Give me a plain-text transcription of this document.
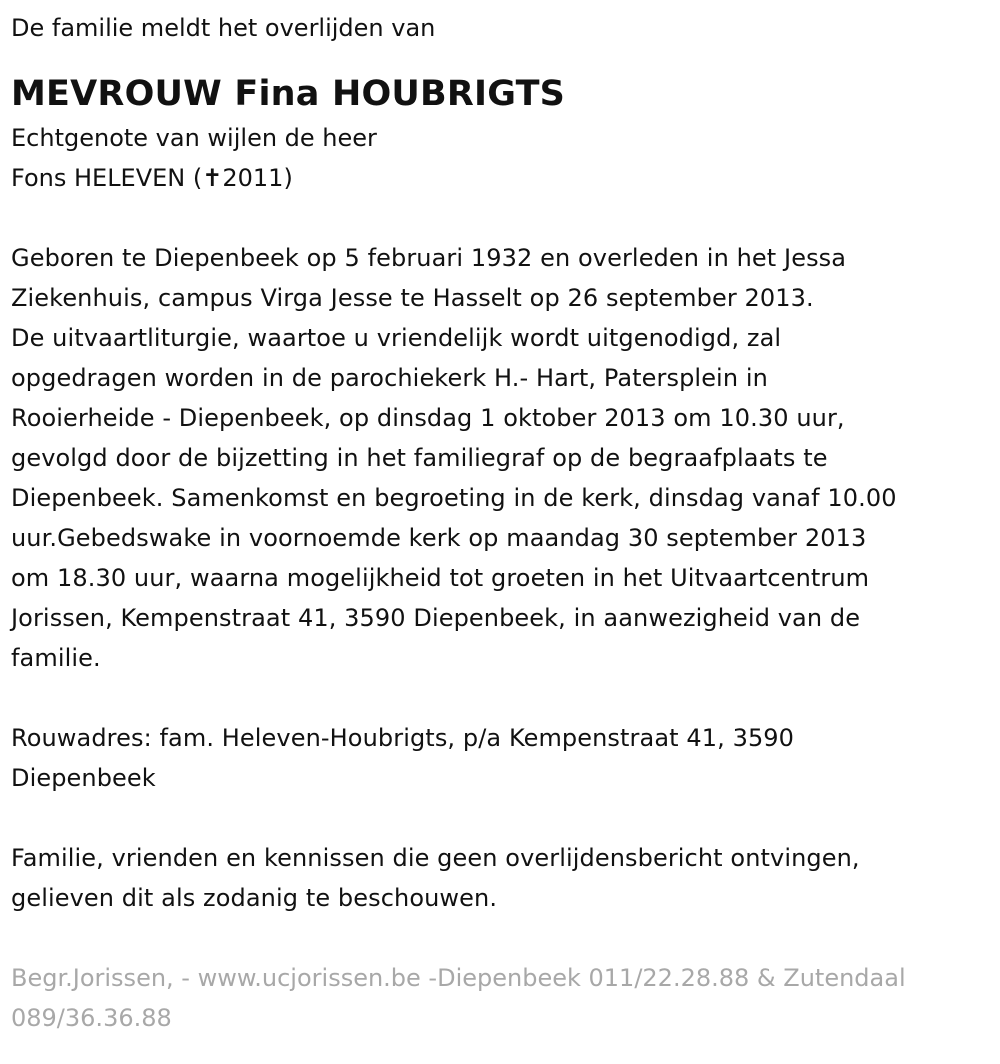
De familie meldt het overlijden van

MEVROUW Fina HOUBRIGTS

Echtgenote van wijlen de heer

Fons HELEVEN (✝2011)

Geboren te Diepenbeek op 5 februari 1932 en overleden in het Jessa
Ziekenhuis, campus Virga Jesse te Hasselt op 26 september 2013.
De uitvaartliturgie, waartoe u vriendelijk wordt uitgenodigd, zal
opgedragen worden in de parochiekerk H.- Hart, Patersplein in
Rooierheide - Diepenbeek, op dinsdag 1 oktober 2013 om 10.30 uur,
gevolgd door de bijzetting in het familiegraf op de begraafplaats te
Diepenbeek. Samenkomst en begroeting in de kerk, dinsdag vanaf 10.00
uur.Gebedswake in voornoemde kerk op maandag 30 september 2013
om 18.30 uur, waarna mogelijkheid tot groeten in het Uitvaartcentrum
Jorissen, Kempenstraat 41, 3590 Diepenbeek, in aanwezigheid van de
familie.
Rouwadres: fam. Heleven-Houbrigts, p/a Kempenstraat 41, 3590
Diepenbeek
Familie, vrienden en kennissen die geen overlijdensbericht ontvingen,
gelieven dit als zodanig te beschouwen.
Begr.Jorissen, - www.ucjorissen.be -Diepenbeek 011/22.28.88 & Zutendaal
089/36.36.88
